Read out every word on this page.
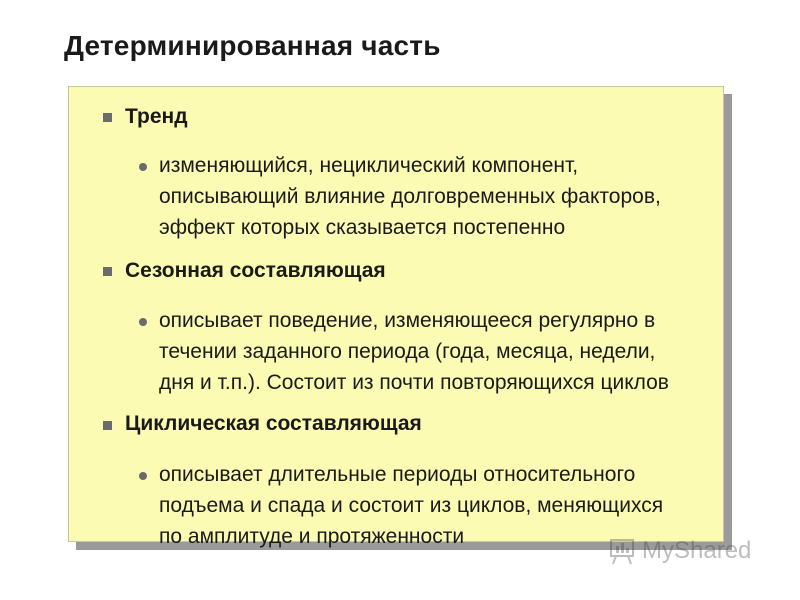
Детерминированная часть
Тренд
изменяющийся, нециклический компонент,
описывающий влияние долговременных факторов,
эффект которых сказывается постепенно
Сезонная составляющая
описывает поведение, изменяющееся регулярно в
течении заданного периода (года, месяца, недели,
дня и т.п.). Состоит из почти повторяющихся циклов
Циклическая составляющая
описывает длительные периоды относительного
подъема и спада и состоит из циклов, меняющихся
по амплитуде и протяженности
MyShared
